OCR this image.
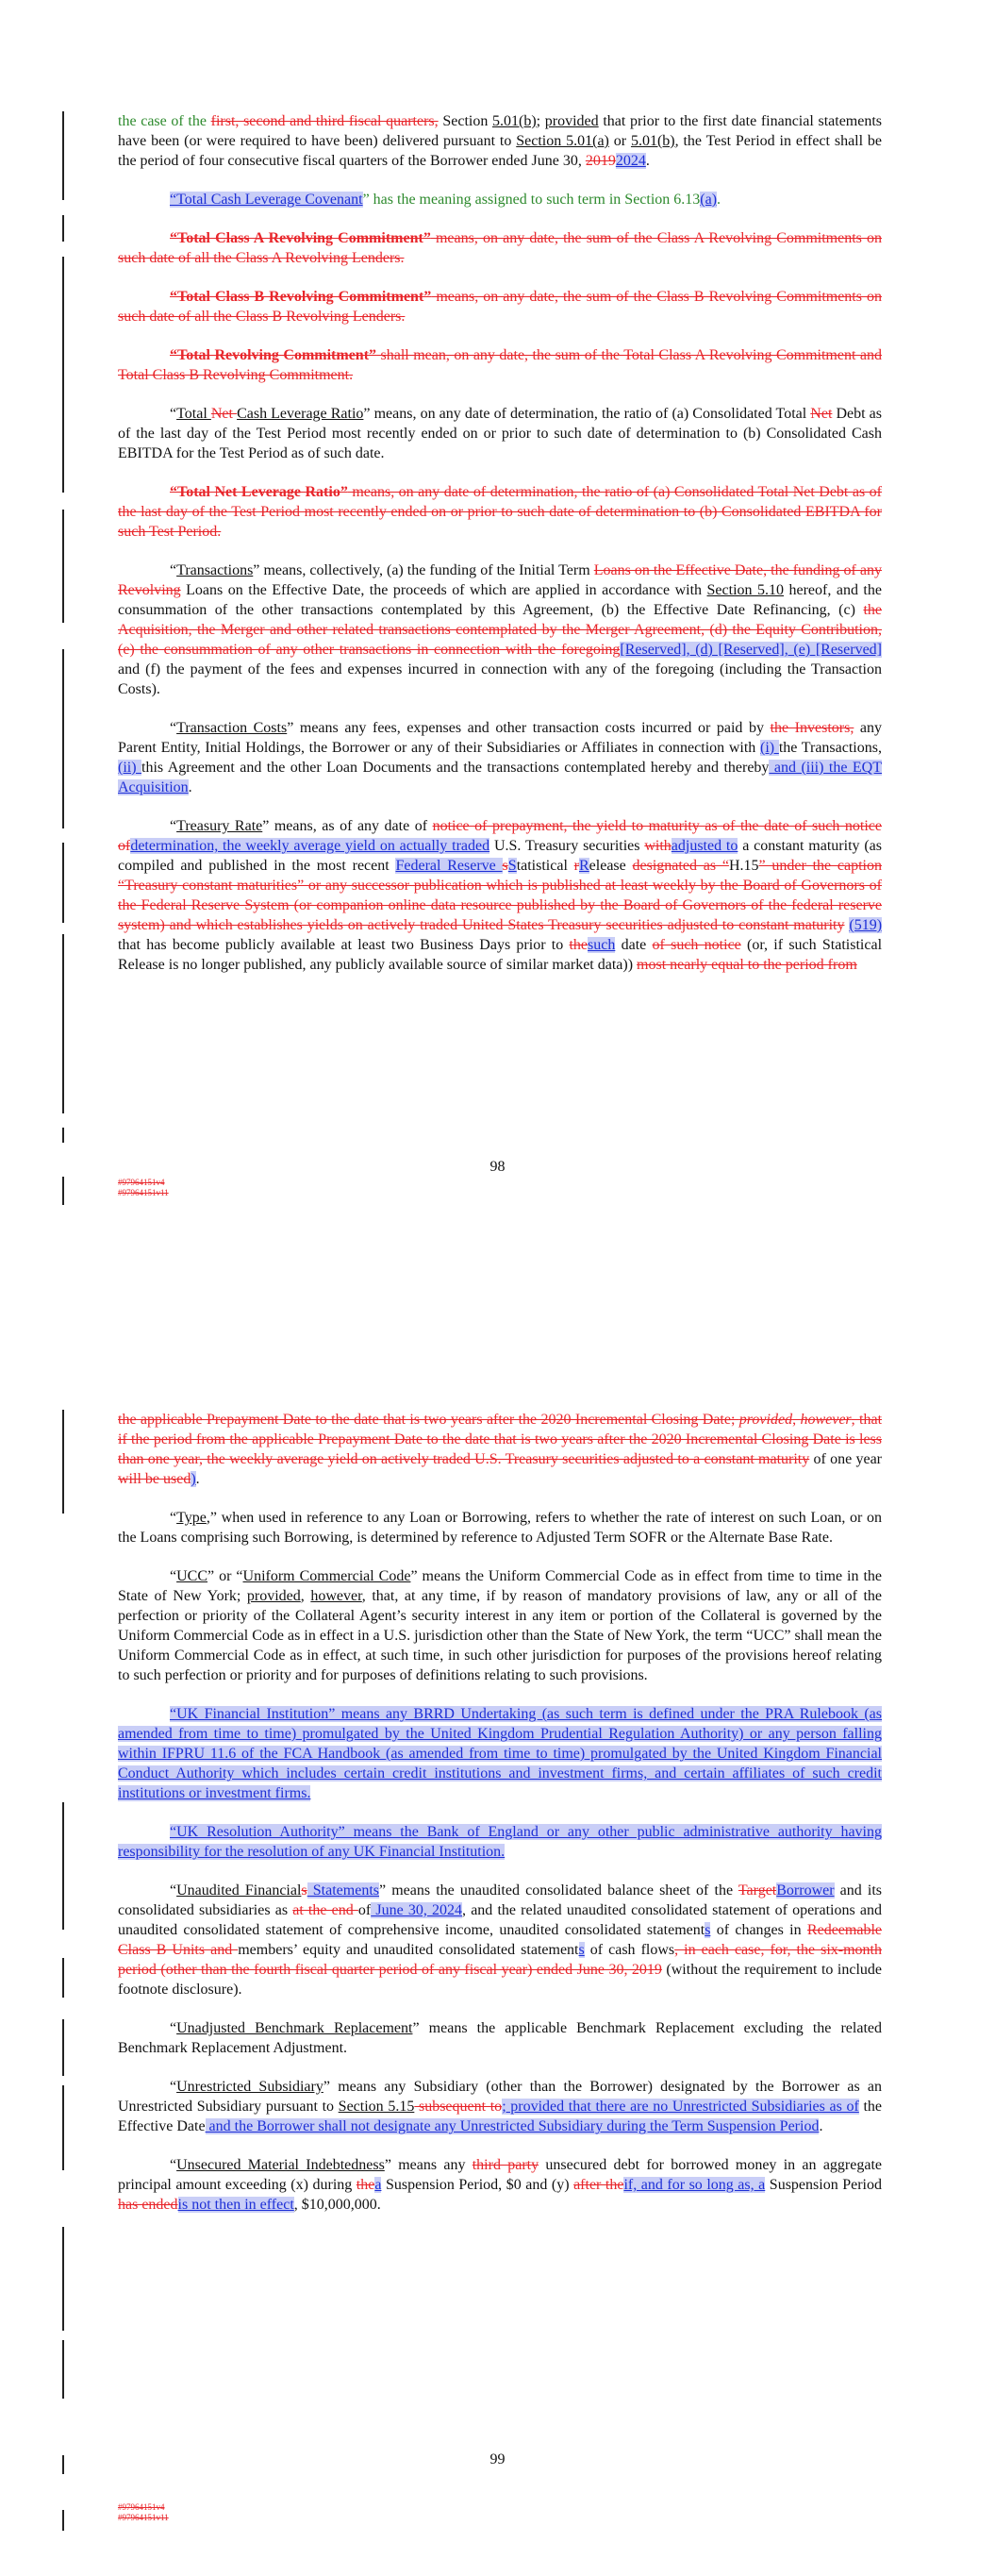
the case of the first, second and third fiscal quarters, Section 5.01(b); provided that prior to the first date financial statements have been (or were required to have been) delivered pursuant to Section 5.01(a) or 5.01(b), the Test Period in effect shall be the period of four consecutive fiscal quarters of the Borrower ended June 30, 20192024.

“Total Cash Leverage Covenant” has the meaning assigned to such term in Section 6.13(a).

“Total Class A Revolving Commitment” means, on any date, the sum of the Class A Revolving Commitments on such date of all the Class A Revolving Lenders.

“Total Class B Revolving Commitment” means, on any date, the sum of the Class B Revolving Commitments on such date of all the Class B Revolving Lenders.

“Total Revolving Commitment” shall mean, on any date, the sum of the Total Class A Revolving Commitment and Total Class B Revolving Commitment.

“Total Net Cash Leverage Ratio” means, on any date of determination, the ratio of (a) Consolidated Total Net Debt as of the last day of the Test Period most recently ended on or prior to such date of determination to (b) Consolidated Cash EBITDA for the Test Period as of such date.

“Total Net Leverage Ratio” means, on any date of determination, the ratio of (a) Consolidated Total Net Debt as of the last day of the Test Period most recently ended on or prior to such date of determination to (b) Consolidated EBITDA for such Test Period.

“Transactions” means, collectively, (a) the funding of the Initial Term Loans on the Effective Date, the funding of any Revolving Loans on the Effective Date, the proceeds of which are applied in accordance with Section 5.10 hereof, and the consummation of the other transactions contemplated by this Agreement, (b) the Effective Date Refinancing, (c) the Acquisition, the Merger and other related transactions contemplated by the Merger Agreement, (d) the Equity Contribution, (e) the consummation of any other transactions in connection with the foregoing[Reserved], (d) [Reserved], (e) [Reserved] and (f) the payment of the fees and expenses incurred in connection with any of the foregoing (including the Transaction Costs).

“Transaction Costs” means any fees, expenses and other transaction costs incurred or paid by the Investors, any Parent Entity, Initial Holdings, the Borrower or any of their Subsidiaries or Affiliates in connection with (i) the Transactions, (ii) this Agreement and the other Loan Documents and the transactions contemplated hereby and thereby and (iii) the EQT Acquisition.

“Treasury Rate” means, as of any date of notice of prepayment, the yield to maturity as of the date of such notice ofdetermination, the weekly average yield on actually traded U.S. Treasury securities withadjusted to a constant maturity (as compiled and published in the most recent Federal Reserve sStatistical rRelease designated as “H.15” under the caption “Treasury constant maturities” or any successor publication which is published at least weekly by the Board of Governors of the Federal Reserve System (or companion online data resource published by the Board of Governors of the federal reserve system) and which establishes yields on actively traded United States Treasury securities adjusted to constant maturity (519) that has become publicly available at least two Business Days prior to thesuch date of such notice (or, if such Statistical Release is no longer published, any publicly available source of similar market data)) most nearly equal to the period from

98
#97964151v4
#97964151v11

the applicable Prepayment Date to the date that is two years after the 2020 Incremental Closing Date; provided, however, that if the period from the applicable Prepayment Date to the date that is two years after the 2020 Incremental Closing Date is less than one year, the weekly average yield on actively traded U.S. Treasury securities adjusted to a constant maturity of one year will be used).

“Type,” when used in reference to any Loan or Borrowing, refers to whether the rate of interest on such Loan, or on the Loans comprising such Borrowing, is determined by reference to Adjusted Term SOFR or the Alternate Base Rate.

“UCC” or “Uniform Commercial Code” means the Uniform Commercial Code as in effect from time to time in the State of New York; provided, however, that, at any time, if by reason of mandatory provisions of law, any or all of the perfection or priority of the Collateral Agent’s security interest in any item or portion of the Collateral is governed by the Uniform Commercial Code as in effect in a U.S. jurisdiction other than the State of New York, the term “UCC” shall mean the Uniform Commercial Code as in effect, at such time, in such other jurisdiction for purposes of the provisions hereof relating to such perfection or priority and for purposes of definitions relating to such provisions.

“UK Financial Institution” means any BRRD Undertaking (as such term is defined under the PRA Rulebook (as amended from time to time) promulgated by the United Kingdom Prudential Regulation Authority) or any person falling within IFPRU 11.6 of the FCA Handbook (as amended from time to time) promulgated by the United Kingdom Financial Conduct Authority which includes certain credit institutions and investment firms, and certain affiliates of such credit institutions or investment firms.

“UK Resolution Authority” means the Bank of England or any other public administrative authority having responsibility for the resolution of any UK Financial Institution.

“Unaudited Financials Statements” means the unaudited consolidated balance sheet of the TargetBorrower and its consolidated subsidiaries as at the end of June 30, 2024, and the related unaudited consolidated statement of operations and unaudited consolidated statement of comprehensive income, unaudited consolidated statements of changes in Redeemable Class B Units and members’ equity and unaudited consolidated statements of cash flows, in each case, for, the six-month period (other than the fourth fiscal quarter period of any fiscal year) ended June 30, 2019 (without the requirement to include footnote disclosure).

“Unadjusted Benchmark Replacement” means the applicable Benchmark Replacement excluding the related Benchmark Replacement Adjustment.

“Unrestricted Subsidiary” means any Subsidiary (other than the Borrower) designated by the Borrower as an Unrestricted Subsidiary pursuant to Section 5.15 subsequent to; provided that there are no Unrestricted Subsidiaries as of the Effective Date and the Borrower shall not designate any Unrestricted Subsidiary during the Term Suspension Period.

“Unsecured Material Indebtedness” means any third party unsecured debt for borrowed money in an aggregate principal amount exceeding (x) during thea Suspension Period, $0 and (y) after theif, and for so long as, a Suspension Period has endedis not then in effect, $10,000,000.

99
#97964151v4
#97964151v11
